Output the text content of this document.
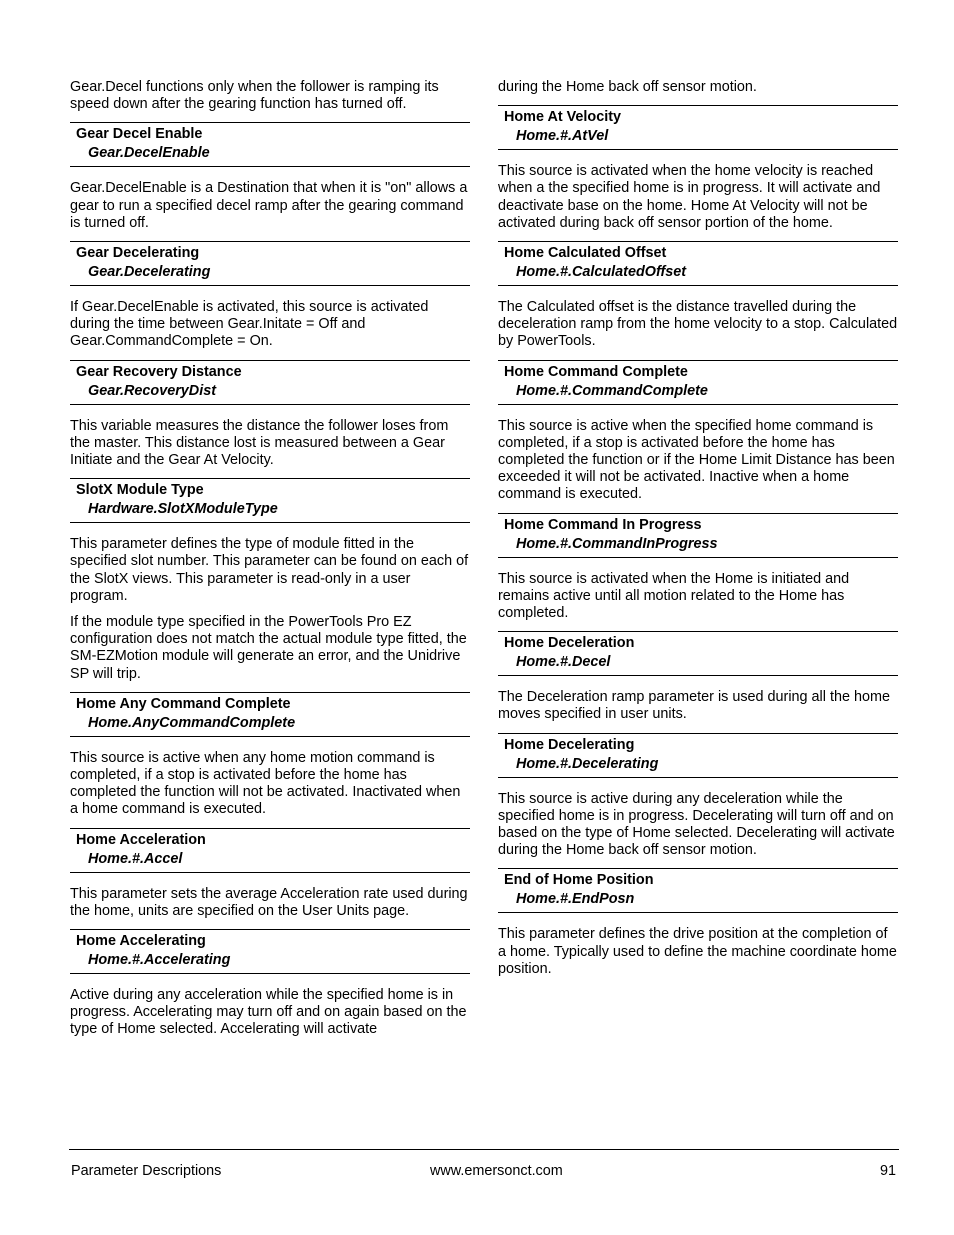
Gear.Decel functions only when the follower is ramping its speed down after the gearing function has turned off.

Gear Decel Enable
Gear.DecelEnable

Gear.DecelEnable is a Destination that when it is "on" allows a gear to run a specified decel ramp after the gearing command is turned off.

Gear Decelerating
Gear.Decelerating

If Gear.DecelEnable is activated, this source is activated during the time between Gear.Initate = Off and Gear.CommandComplete = On.

Gear Recovery Distance
Gear.RecoveryDist

This variable measures the distance the follower loses from the master. This distance lost is measured between a Gear Initiate and the Gear At Velocity.

SlotX Module Type
Hardware.SlotXModuleType

This parameter defines the type of module fitted in the specified slot number. This parameter can be found on each of the SlotX views. This parameter is read-only in a user program.

If the module type specified in the PowerTools Pro EZ configuration does not match the actual module type fitted, the SM-EZMotion module will generate an error, and the Unidrive SP will trip.

Home Any Command Complete
Home.AnyCommandComplete

This source is active when any home motion command is completed, if a stop is activated before the home has completed the function will not be activated. Inactivated when a home command is executed.

Home Acceleration
Home.#.Accel

This parameter sets the average Acceleration rate used during the home, units are specified on the User Units page.

Home Accelerating
Home.#.Accelerating

Active during any acceleration while the specified home is in progress. Accelerating may turn off and on again based on the type of Home selected. Accelerating will activate

during the Home back off sensor motion.

Home At Velocity
Home.#.AtVel

This source is activated when the home velocity is reached when a the specified home is in progress. It will activate and deactivate base on the home. Home At Velocity will not be activated during back off sensor portion of the home.

Home Calculated Offset
Home.#.CalculatedOffset

The Calculated offset is the distance travelled during the deceleration ramp from the home velocity to a stop. Calculated by PowerTools.

Home Command Complete
Home.#.CommandComplete

This source is active when the specified home command is completed, if a stop is activated before the home has completed the function or if the Home Limit Distance has been exceeded it will not be activated. Inactive when a home command is executed.

Home Command In Progress
Home.#.CommandInProgress

This source is activated when the Home is initiated and remains active until all motion related to the Home has completed.

Home Deceleration
Home.#.Decel

The Deceleration ramp parameter is used during all the home moves specified in user units.

Home Decelerating
Home.#.Decelerating

This source is active during any deceleration while the specified home is in progress. Decelerating will turn off and on based on the type of Home selected. Decelerating will activate during the Home back off sensor motion.

End of Home Position
Home.#.EndPosn

This parameter defines the drive position at the completion of a home. Typically used to define the machine coordinate home position.

Parameter Descriptions	www.emersonct.com	91
